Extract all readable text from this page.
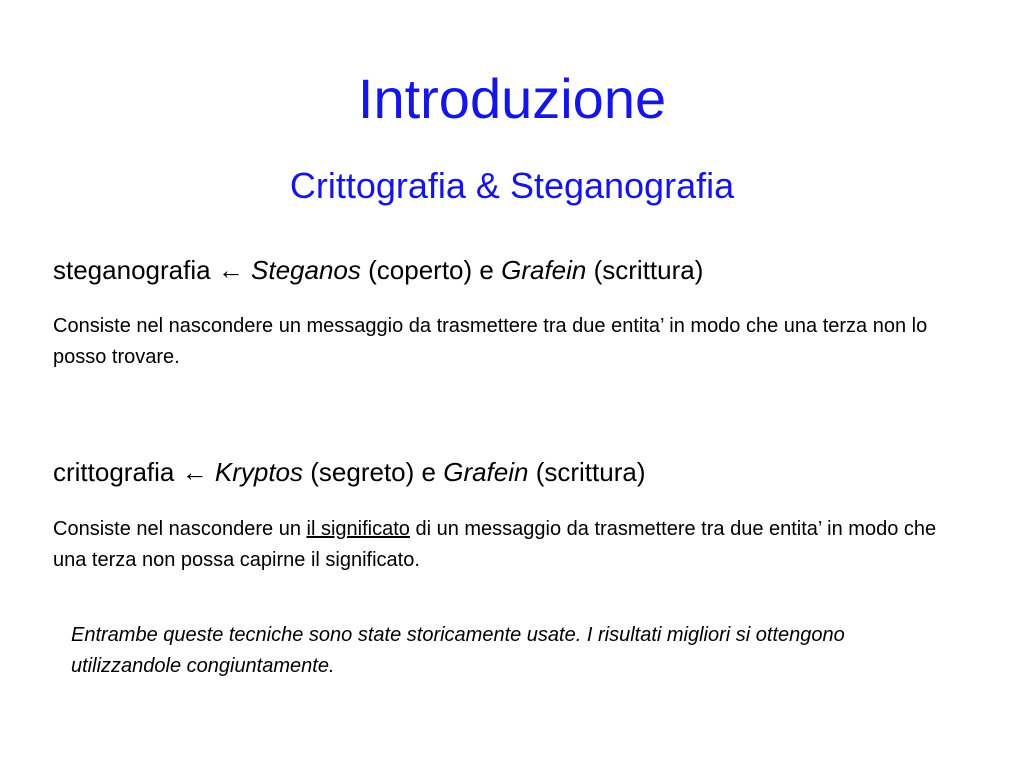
Introduzione
Crittografia & Steganografia
steganografia ← Steganos (coperto) e Grafein (scrittura)
Consiste nel nascondere un messaggio da trasmettere tra due entita’ in modo che una terza non lo posso trovare.
crittografia ← Kryptos (segreto) e Grafein (scrittura)
Consiste nel nascondere un il significato di un messaggio da trasmettere tra due entita’ in modo che una terza non possa capirne il significato.
Entrambe queste tecniche sono state storicamente usate. I risultati migliori si ottengono utilizzandole congiuntamente.
